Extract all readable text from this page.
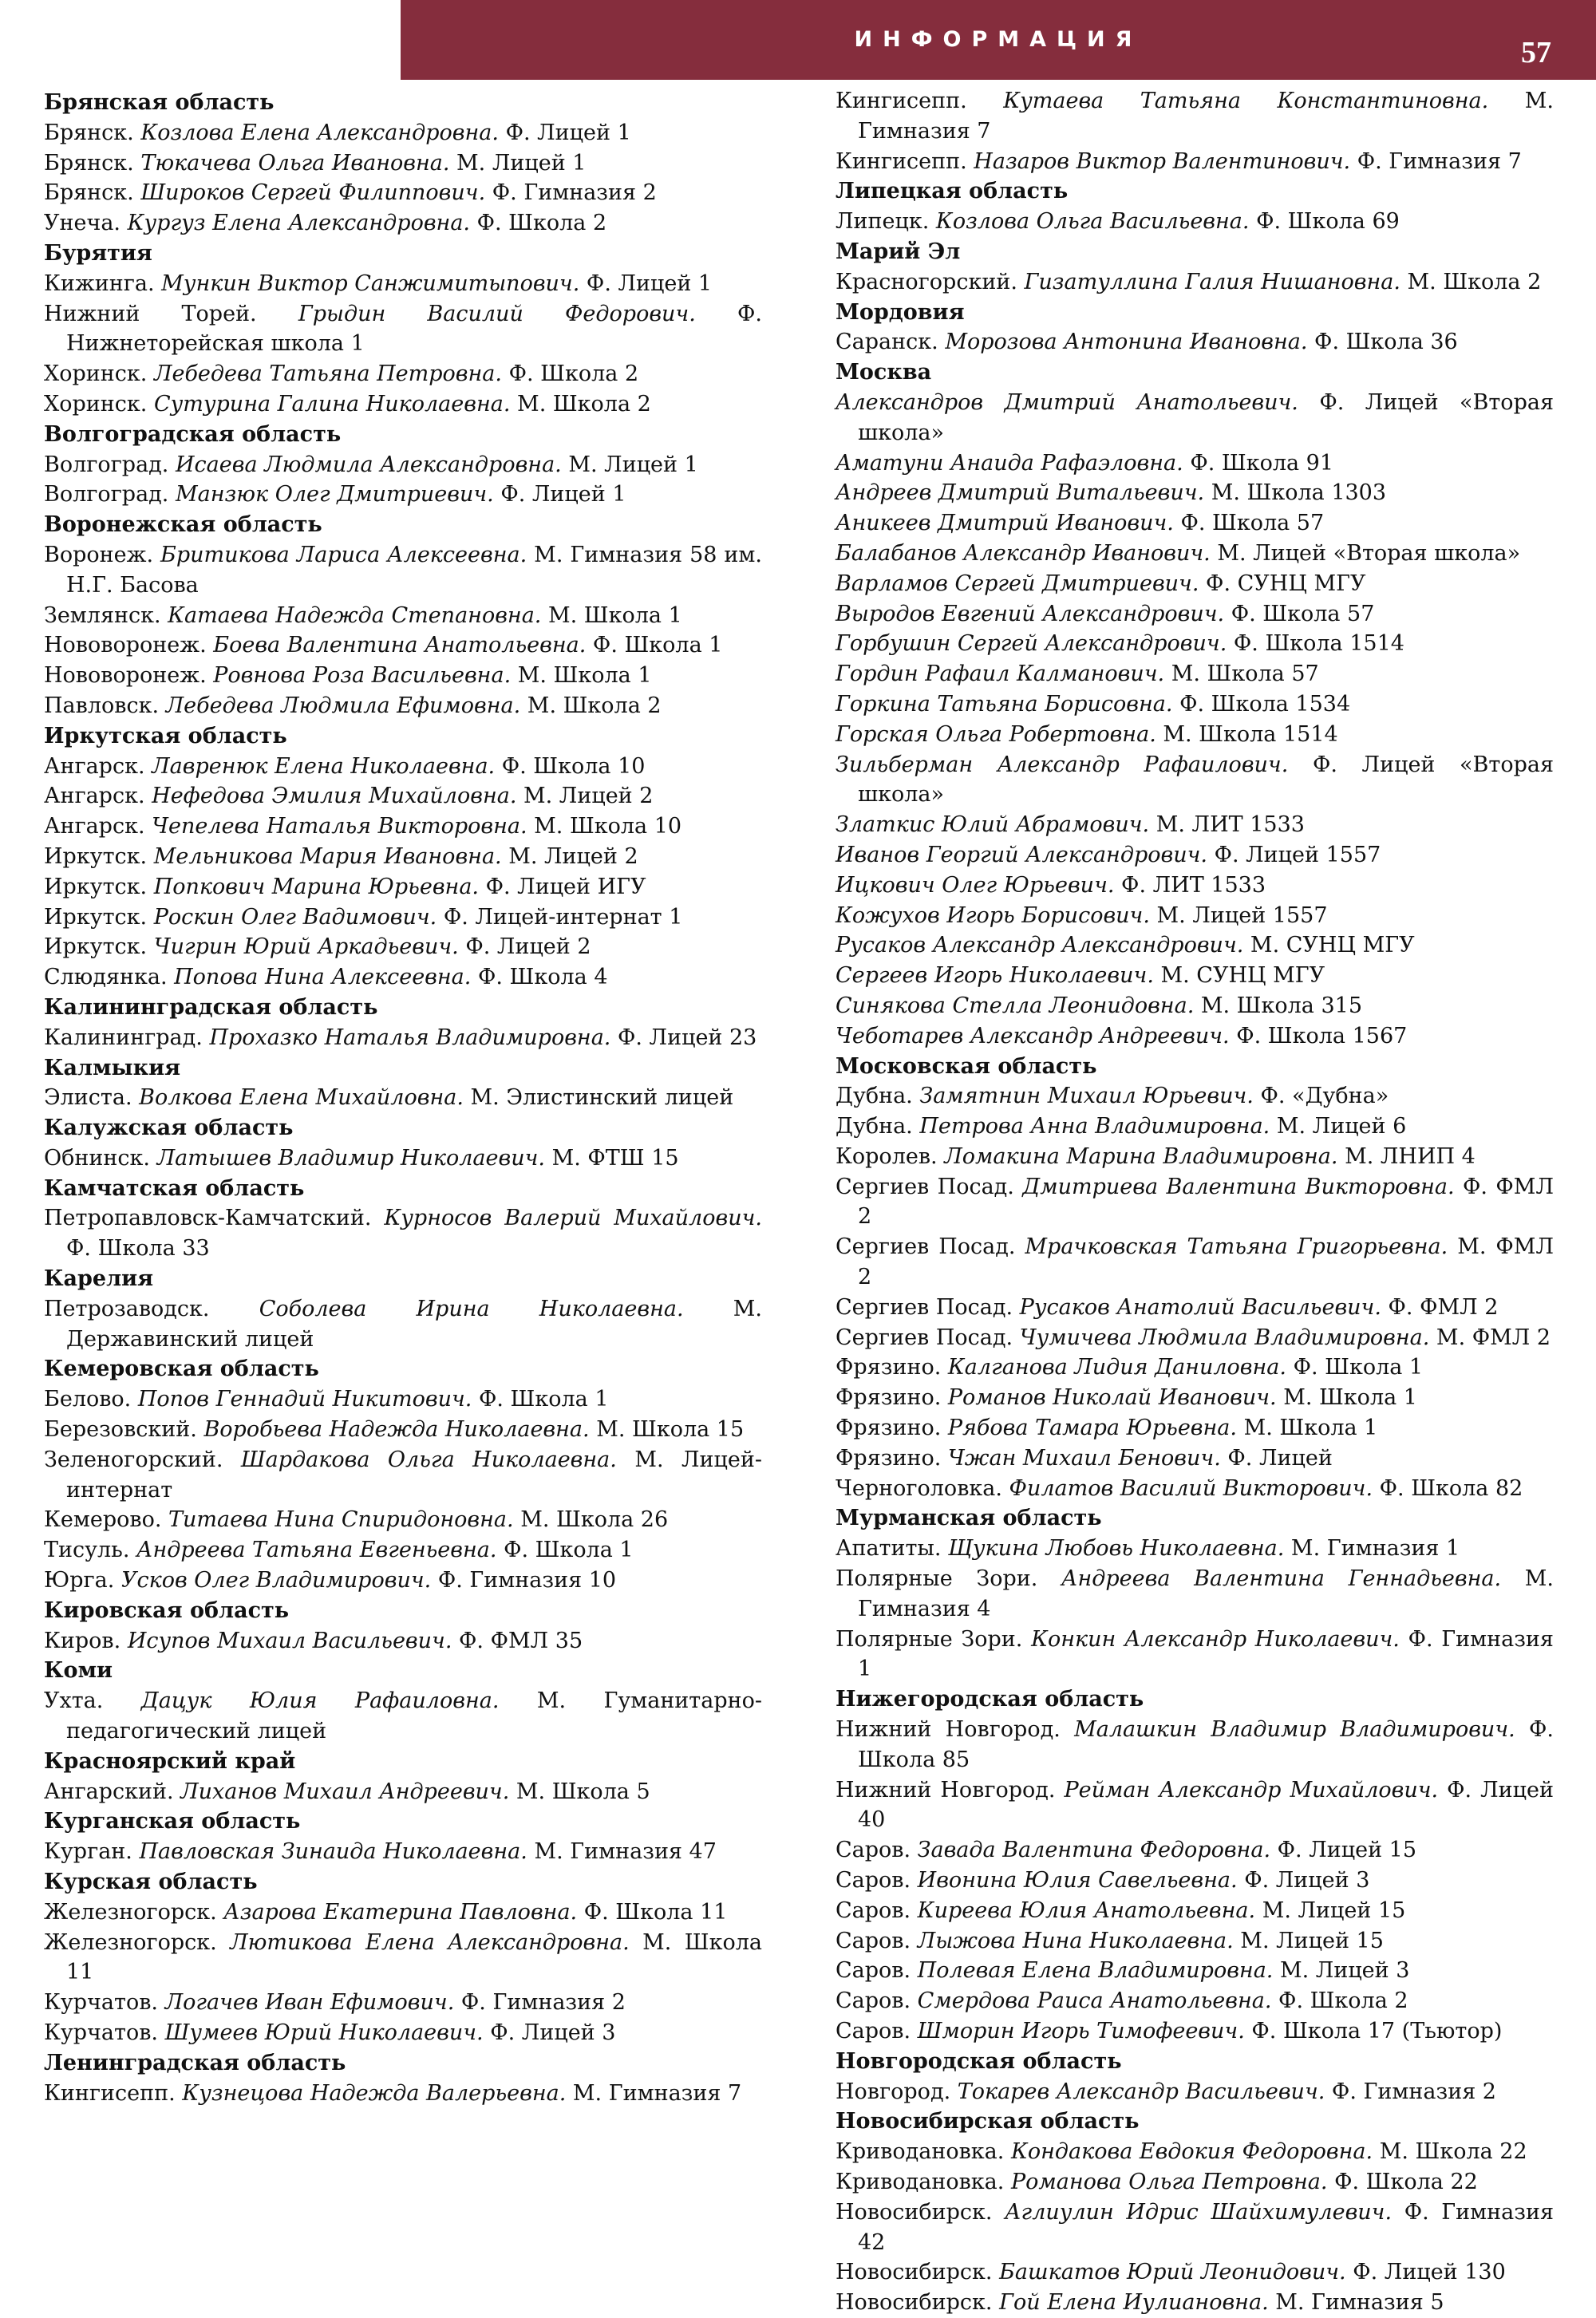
ИНФОРМАЦИЯ	57
Брянская область
Брянск. Козлова Елена Александровна. Ф. Лицей 1
Брянск. Тюкачева Ольга Ивановна. М. Лицей 1
Брянск. Широков Сергей Филиппович. Ф. Гимназия 2
Унеча. Кургуз Елена Александровна. Ф. Школа 2
Бурятия
Кижинга. Мункин Виктор Санжимитыпович. Ф. Лицей 1
Нижний Торей. Грыдин Василий Федорович. Ф. Нижнеторейская школа 1
Хоринск. Лебедева Татьяна Петровна. Ф. Школа 2
Хоринск. Сутурина Галина Николаевна. М. Школа 2
Волгоградская область
Волгоград. Исаева Людмила Александровна. М. Лицей 1
Волгоград. Манзюк Олег Дмитриевич. Ф. Лицей 1
Воронежская область
Воронеж. Бритикова Лариса Алексеевна. М. Гимназия 58 им. Н.Г. Басова
Землянск. Катаева Надежда Степановна. М. Школа 1
Нововоронеж. Боева Валентина Анатольевна. Ф. Школа 1
Нововоронеж. Ровнова Роза Васильевна. М. Школа 1
Павловск. Лебедева Людмила Ефимовна. М. Школа 2
Иркутская область
Ангарск. Лавренюк Елена Николаевна. Ф. Школа 10
Ангарск. Нефедова Эмилия Михайловна. М. Лицей 2
Ангарск. Чепелева Наталья Викторовна. М. Школа 10
Иркутск. Мельникова Мария Ивановна. М. Лицей 2
Иркутск. Попкович Марина Юрьевна. Ф. Лицей ИГУ
Иркутск. Роскин Олег Вадимович. Ф. Лицей-интернат 1
Иркутск. Чигрин Юрий Аркадьевич. Ф. Лицей 2
Слюдянка. Попова Нина Алексеевна. Ф. Школа 4
Калининградская область
Калининград. Прохазко Наталья Владимировна. Ф. Лицей 23
Калмыкия
Элиста. Волкова Елена Михайловна. М. Элистинский лицей
Калужская область
Обнинск. Латышев Владимир Николаевич. М. ФТШ 15
Камчатская область
Петропавловск-Камчатский. Курносов Валерий Михайлович. Ф. Школа 33
Карелия
Петрозаводск. Соболева Ирина Николаевна. М. Державинский лицей
Кемеровская область
Белово. Попов Геннадий Никитович. Ф. Школа 1
Березовский. Воробьева Надежда Николаевна. М. Школа 15
Зеленогорский. Шардакова Ольга Николаевна. М. Лицей-интернат
Кемерово. Титаева Нина Спиридоновна. М. Школа 26
Тисуль. Андреева Татьяна Евгеньевна. Ф. Школа 1
Юрга. Усков Олег Владимирович. Ф. Гимназия 10
Кировская область
Киров. Исупов Михаил Васильевич. Ф. ФМЛ 35
Коми
Ухта. Дацук Юлия Рафаиловна. М. Гуманитарно-педагогический лицей
Красноярский край
Ангарский. Лиханов Михаил Андреевич. М. Школа 5
Курганская область
Курган. Павловская Зинаида Николаевна. М. Гимназия 47
Курская область
Железногорск. Азарова Екатерина Павловна. Ф. Школа 11
Железногорск. Лютикова Елена Александровна. М. Школа 11
Курчатов. Логачев Иван Ефимович. Ф. Гимназия 2
Курчатов. Шумеев Юрий Николаевич. Ф. Лицей 3
Ленинградская область
Кингисепп. Кузнецова Надежда Валерьевна. М. Гимназия 7
Кингисепп. Кутаева Татьяна Константиновна. М. Гимназия 7
Кингисепп. Назаров Виктор Валентинович. Ф. Гимназия 7
Липецкая область
Липецк. Козлова Ольга Васильевна. Ф. Школа 69
Марий Эл
Красногорский. Гизатуллина Галия Нишановна. М. Школа 2
Мордовия
Саранск. Морозова Антонина Ивановна. Ф. Школа 36
Москва
Александров Дмитрий Анатольевич. Ф. Лицей «Вторая школа»
Аматуни Анаида Рафаэловна. Ф. Школа 91
Андреев Дмитрий Витальевич. М. Школа 1303
Аникеев Дмитрий Иванович. Ф. Школа 57
Балабанов Александр Иванович. М. Лицей «Вторая школа»
Варламов Сергей Дмитриевич. Ф. СУНЦ МГУ
Выродов Евгений Александрович. Ф. Школа 57
Горбушин Сергей Александрович. Ф. Школа 1514
Гордин Рафаил Калманович. М. Школа 57
Горкина Татьяна Борисовна. Ф. Школа 1534
Горская Ольга Робертовна. М. Школа 1514
Зильберман Александр Рафаилович. Ф. Лицей «Вторая школа»
Златкис Юлий Абрамович. М. ЛИТ 1533
Иванов Георгий Александрович. Ф. Лицей 1557
Ицкович Олег Юрьевич. Ф. ЛИТ 1533
Кожухов Игорь Борисович. М. Лицей 1557
Русаков Александр Александрович. М. СУНЦ МГУ
Сергеев Игорь Николаевич. М. СУНЦ МГУ
Синякова Стелла Леонидовна. М. Школа 315
Чеботарев Александр Андреевич. Ф. Школа 1567
Московская область
Дубна. Замятнин Михаил Юрьевич. Ф. «Дубна»
Дубна. Петрова Анна Владимировна. М. Лицей 6
Королев. Ломакина Марина Владимировна. М. ЛНИП 4
Сергиев Посад. Дмитриева Валентина Викторовна. Ф. ФМЛ 2
Сергиев Посад. Мрачковская Татьяна Григорьевна. М. ФМЛ 2
Сергиев Посад. Русаков Анатолий Васильевич. Ф. ФМЛ 2
Сергиев Посад. Чумичева Людмила Владимировна. М. ФМЛ 2
Фрязино. Калганова Лидия Даниловна. Ф. Школа 1
Фрязино. Романов Николай Иванович. М. Школа 1
Фрязино. Рябова Тамара Юрьевна. М. Школа 1
Фрязино. Чжан Михаил Бенович. Ф. Лицей
Черноголовка. Филатов Василий Викторович. Ф. Школа 82
Мурманская область
Апатиты. Щукина Любовь Николаевна. М. Гимназия 1
Полярные Зори. Андреева Валентина Геннадьевна. М. Гимназия 4
Полярные Зори. Конкин Александр Николаевич. Ф. Гимназия 1
Нижегородская область
Нижний Новгород. Малашкин Владимир Владимирович. Ф. Школа 85
Нижний Новгород. Рейман Александр Михайлович. Ф. Лицей 40
Саров. Завада Валентина Федоровна. Ф. Лицей 15
Саров. Ивонина Юлия Савельевна. Ф. Лицей 3
Саров. Киреева Юлия Анатольевна. М. Лицей 15
Саров. Лыжова Нина Николаевна. М. Лицей 15
Саров. Полевая Елена Владимировна. М. Лицей 3
Саров. Смердова Раиса Анатольевна. Ф. Школа 2
Саров. Шморин Игорь Тимофеевич. Ф. Школа 17 (Тьютор)
Новгородская область
Новгород. Токарев Александр Васильевич. Ф. Гимназия 2
Новосибирская область
Криводановка. Кондакова Евдокия Федоровна. М. Школа 22
Криводановка. Романова Ольга Петровна. Ф. Школа 22
Новосибирск. Аглиулин Идрис Шайхимулевич. Ф. Гимназия 42
Новосибирск. Башкатов Юрий Леонидович. Ф. Лицей 130
Новосибирск. Гой Елена Иулиановна. М. Гимназия 5
